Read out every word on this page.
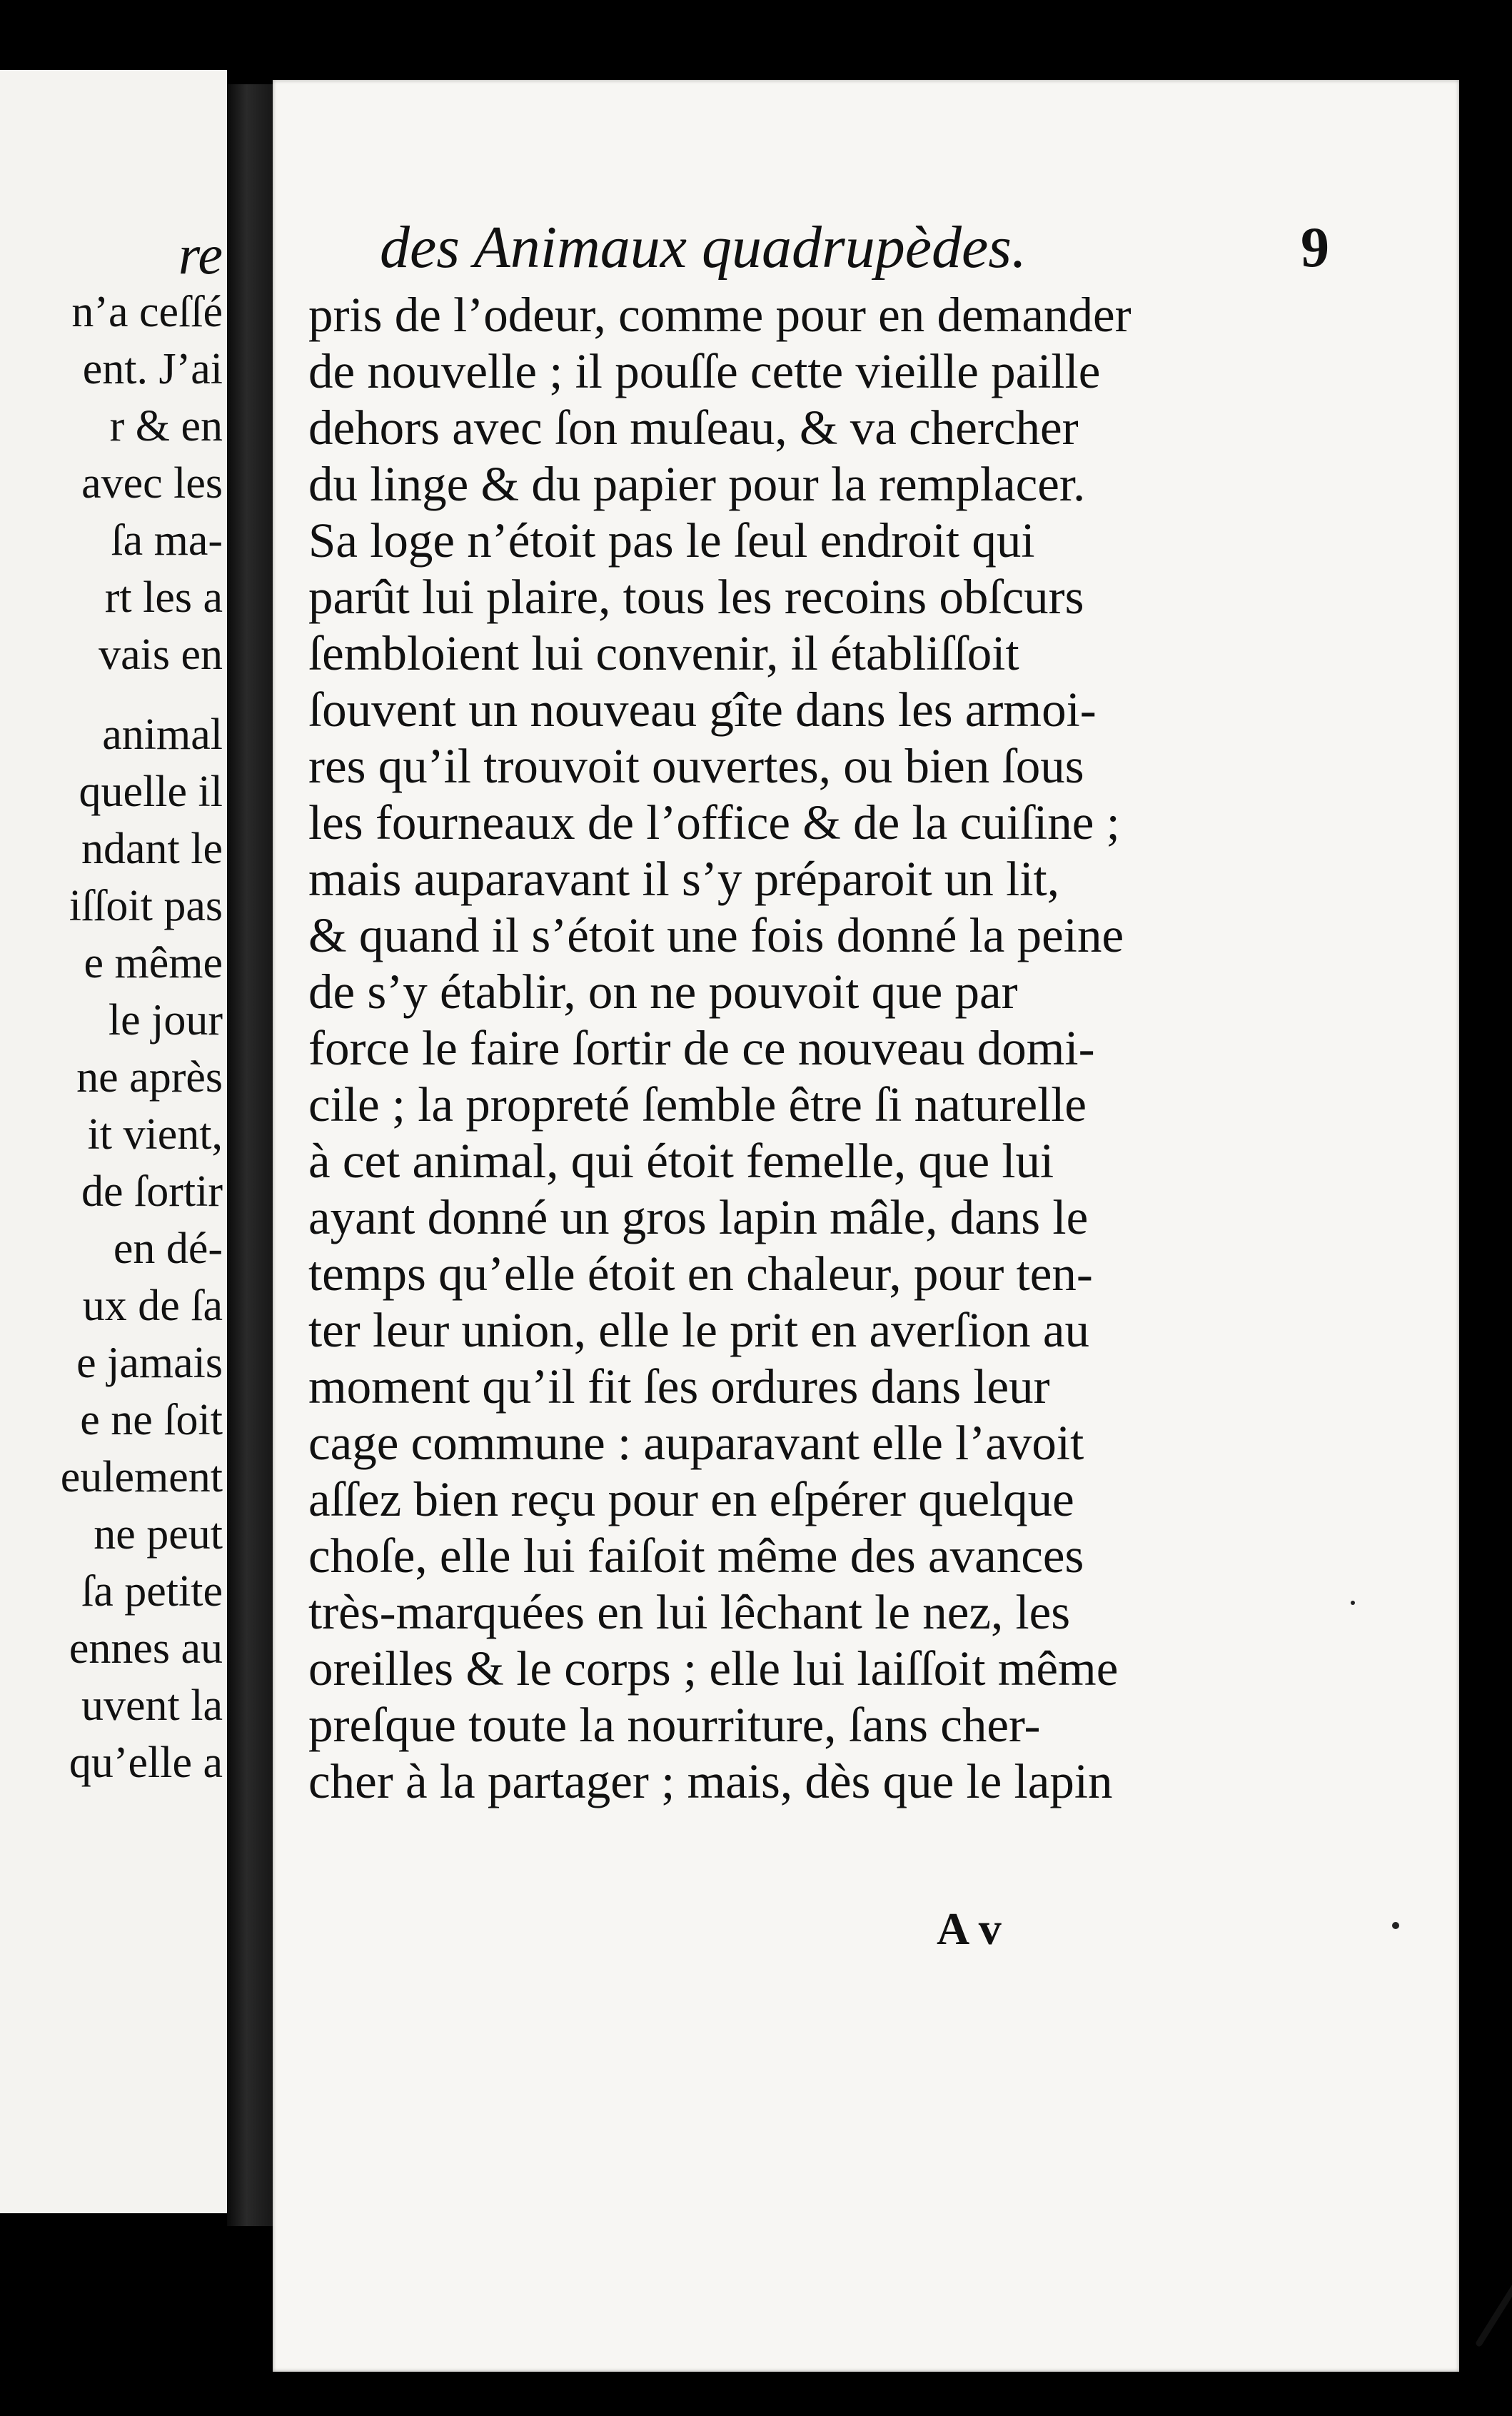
re
n’a ceſſé
ent. J’ai
r & en
avec les
ſa ma-
rt les a
vais en
animal
quelle il
ndant le
iſſoit pas
e même
le jour
ne après
it vient,
de ſortir
en dé-
ux de ſa
e jamais
e ne ſoit
eulement
ne peut
ſa petite
ennes au
uvent la
qu’elle a
des Animaux quadrupèdes.	9
pris de l’odeur, comme pour en demander
de nouvelle ; il pouſſe cette vieille paille
dehors avec ſon muſeau, & va chercher
du linge & du papier pour la remplacer.
Sa loge n’étoit pas le ſeul endroit qui
parût lui plaire, tous les recoins obſcurs
ſembloient lui convenir, il établiſſoit
ſouvent un nouveau gîte dans les armoi-
res qu’il trouvoit ouvertes, ou bien ſous
les fourneaux de l’office & de la cuiſine ;
mais auparavant il s’y préparoit un lit,
& quand il s’étoit une fois donné la peine
de s’y établir, on ne pouvoit que par
force le faire ſortir de ce nouveau domi-
cile ; la propreté ſemble être ſi naturelle
à cet animal, qui étoit femelle, que lui
ayant donné un gros lapin mâle, dans le
temps qu’elle étoit en chaleur, pour ten-
ter leur union, elle le prit en averſion au
moment qu’il fit ſes ordures dans leur
cage commune : auparavant elle l’avoit
aſſez bien reçu pour en eſpérer quelque
choſe, elle lui faiſoit même des avances
très-marquées en lui lêchant le nez, les
oreilles & le corps ; elle lui laiſſoit même
preſque toute la nourriture, ſans cher-
cher à la partager ; mais, dès que le lapin
A v
